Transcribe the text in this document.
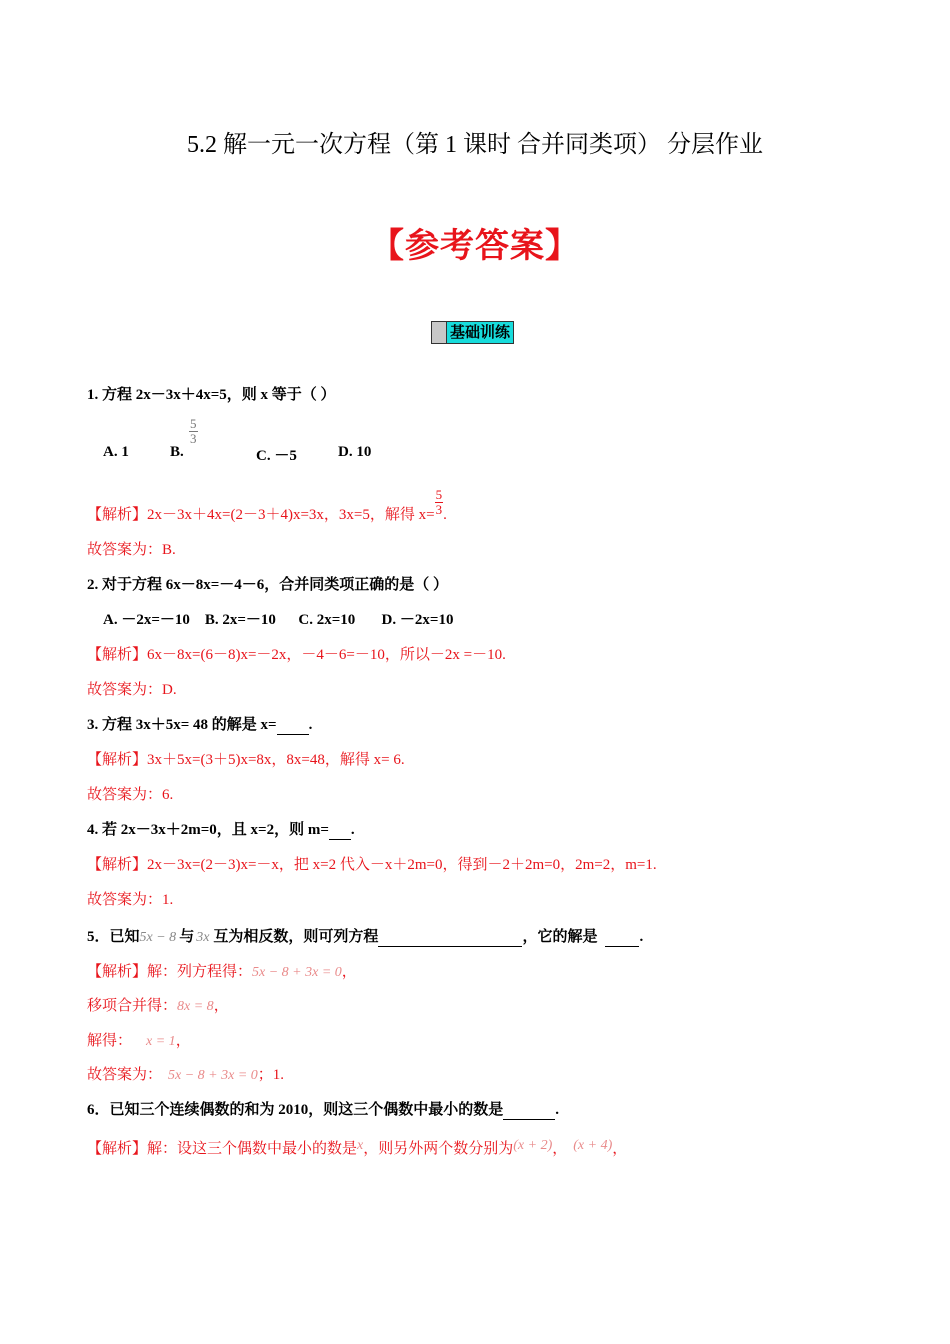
5.2 解一元一次方程（第 1 课时 合并同类项） 分层作业
【参考答案】
基础训练
1. 方程 2x－3x＋4x=5，则 x 等于（ ）
A. 1	B.
$\frac{5}{3}$
C. －5	D. 10
【解析】2x－3x＋4x=(2－3＋4)x=3x，3x=5，解得 $x= \frac{5}{3}$ .
故答案为：B.
2. 对于方程 6x－8x=－4－6，合并同类项正确的是（ ）
A. －2x=－10    B. 2x=－10      C. 2x=10       D. －2x=10
【解析】6x－8x=(6－8)x=－2x，－4－6=－10，所以－2x =－10.
故答案为：D.
3. 方程 3x＋5x= 48 的解是 x= .
【解析】3x＋5x=(3＋5)x=8x，8x=48，解得 x= 6.
故答案为：6.
4. 若 2x－3x＋2m=0，且 x=2，则 m= .
【解析】2x－3x=(2－3)x=－x，把 x=2 代入－x＋2m=0，得到－2＋2m=0，2m=2，m=1.
故答案为：1.
5．已知5x − 8 与 3x 互为相反数，则可列方程	，它的解是	.
【解析】解：列方程得：5x − 8 + 3x = 0，
移项合并得：8x = 8，
解得： x = 1，
故答案为： 5x − 8 + 3x = 0；1.
6．已知三个连续偶数的和为 2010，则这三个偶数中最小的数是	.
【解析】解：设这三个偶数中最小的数是x，则另外两个数分别为(x + 2)， (x + 4)，
